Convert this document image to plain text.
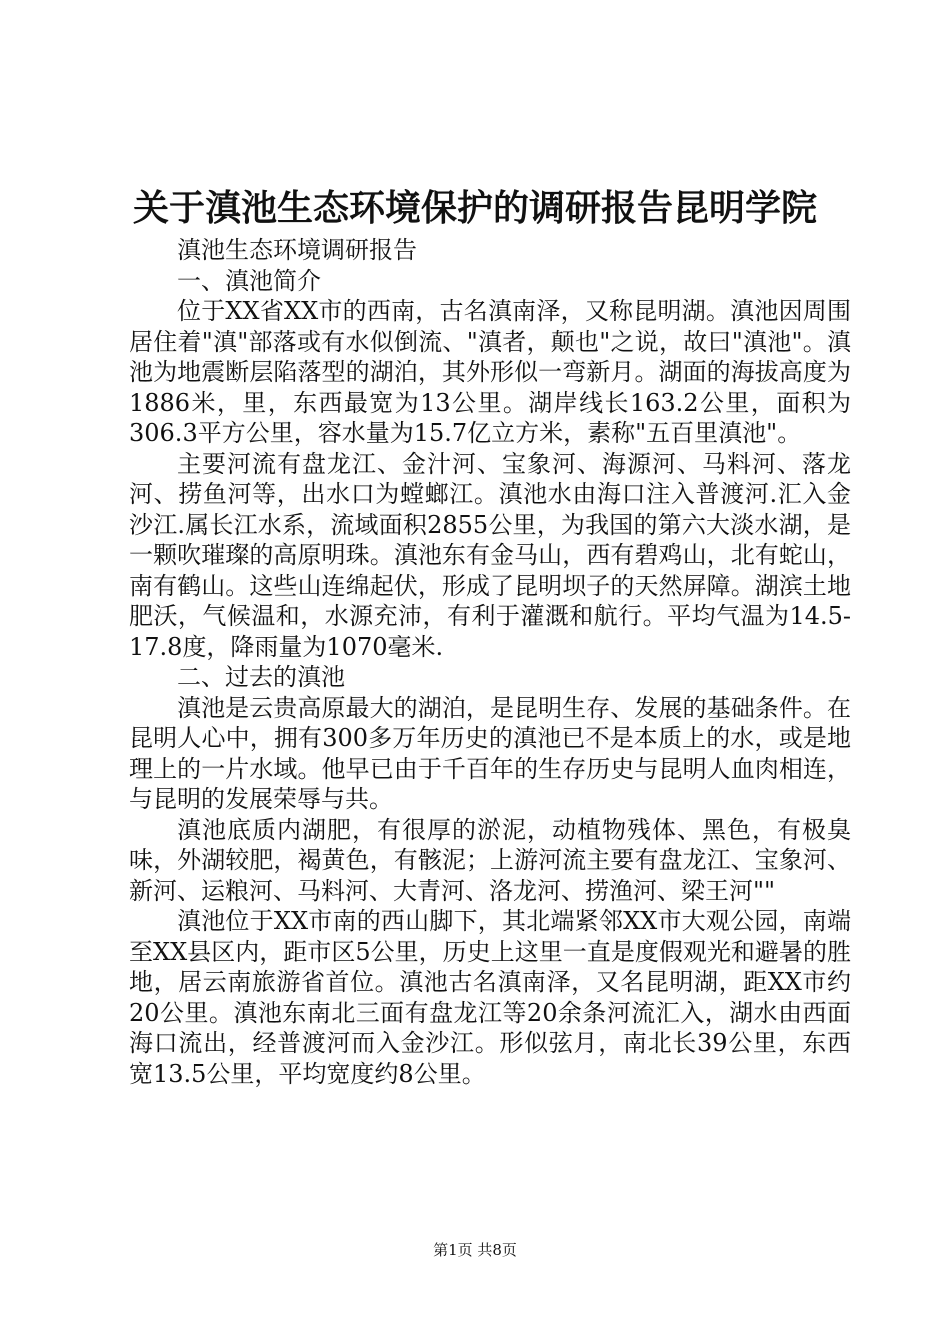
关于滇池生态环境保护的调研报告昆明学院

滇池生态环境调研报告

一、滇池简介

位于XX省XX市的西南，古名滇南泽，又称昆明湖。滇池因周围居住着"滇"部落或有水似倒流、"滇者，颠也"之说，故曰"滇池"。滇池为地震断层陷落型的湖泊，其外形似一弯新月。湖面的海拔高度为1886米，里，东西最宽为13公里。湖岸线长163.2公里，面积为306.3平方公里，容水量为15.7亿立方米，素称"五百里滇池"。

主要河流有盘龙江、金汁河、宝象河、海源河、马料河、落龙河、捞鱼河等，出水口为螳螂江。滇池水由海口注入普渡河.汇入金沙江.属长江水系，流域面积2855公里，为我国的第六大淡水湖，是一颗吹璀璨的高原明珠。滇池东有金马山，西有碧鸡山，北有蛇山，南有鹤山。这些山连绵起伏，形成了昆明坝子的天然屏障。湖滨土地肥沃，气候温和，水源充沛，有利于灌溉和航行。平均气温为14.5-17.8度，降雨量为1070毫米.

二、过去的滇池

滇池是云贵高原最大的湖泊，是昆明生存、发展的基础条件。在昆明人心中，拥有300多万年历史的滇池已不是本质上的水，或是地理上的一片水域。他早已由于千百年的生存历史与昆明人血肉相连，与昆明的发展荣辱与共。

滇池底质内湖肥，有很厚的淤泥，动植物残体、黑色，有极臭味，外湖较肥，褐黄色，有骸泥；上游河流主要有盘龙江、宝象河、新河、运粮河、马料河、大青河、洛龙河、捞渔河、梁王河""

滇池位于XX市南的西山脚下，其北端紧邻XX市大观公园，南端至XX县区内，距市区5公里，历史上这里一直是度假观光和避暑的胜地，居云南旅游省首位。滇池古名滇南泽，又名昆明湖，距XX市约20公里。滇池东南北三面有盘龙江等20余条河流汇入，湖水由西面海口流出，经普渡河而入金沙江。形似弦月，南北长39公里，东西宽13.5公里，平均宽度约8公里。

第1页 共8页
